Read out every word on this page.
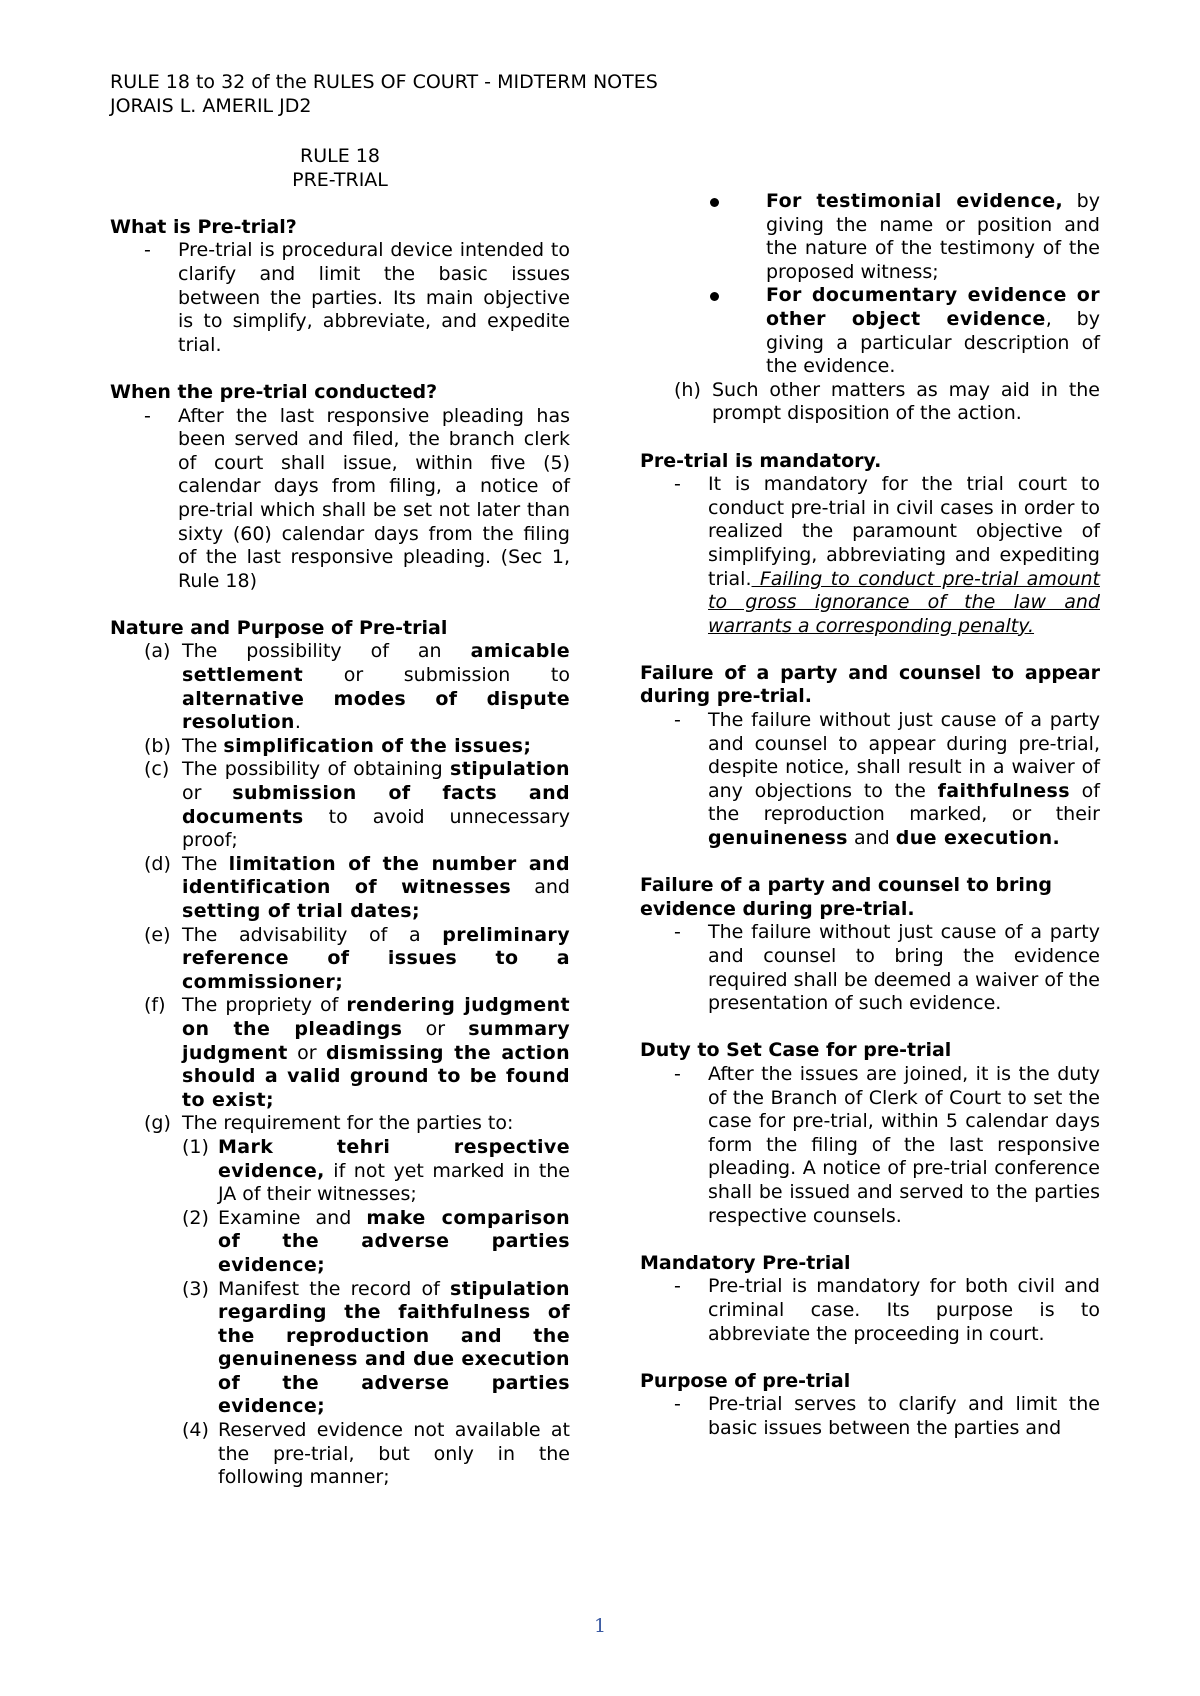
RULE 18 to 32 of the RULES OF COURT - MIDTERM NOTES
JORAIS L. AMERIL JD2
RULE 18
PRE-TRIAL
What is Pre-trial?
-	Pre-trial is procedural device intended to clarify and limit the basic issues between the parties. Its main objective is to simplify, abbreviate, and expedite trial.
When the pre-trial conducted?
-	After the last responsive pleading has been served and filed, the branch clerk of court shall issue, within five (5) calendar days from filing, a notice of pre-trial which shall be set not later than sixty (60) calendar days from the filing of the last responsive pleading. (Sec 1, Rule 18)
Nature and Purpose of Pre-trial
(a) The possibility of an amicable settlement or submission to alternative modes of dispute resolution.
(b) The simplification of the issues;
(c) The possibility of obtaining stipulation or submission of facts and documents to avoid unnecessary proof;
(d) The limitation of the number and identification of witnesses and setting of trial dates;
(e) The advisability of a preliminary reference of issues to a commissioner;
(f) The propriety of rendering judgment on the pleadings or summary judgment or dismissing the action should a valid ground to be found to exist;
(g) The requirement for the parties to:
(1) Mark tehri respective evidence, if not yet marked in the JA of their witnesses;
(2) Examine and make comparison of the adverse parties evidence;
(3) Manifest the record of stipulation regarding the faithfulness of the reproduction and the genuineness and due execution of the adverse parties evidence;
(4) Reserved evidence not available at the pre-trial, but only in the following manner;
For testimonial evidence, by giving the name or position and the nature of the testimony of the proposed witness;
For documentary evidence or other object evidence, by giving a particular description of the evidence.
(h) Such other matters as may aid in the prompt disposition of the action.
Pre-trial is mandatory.
-	It is mandatory for the trial court to conduct pre-trial in civil cases in order to realized the paramount objective of simplifying, abbreviating and expediting trial. Failing to conduct pre-trial amount to gross ignorance of the law and warrants a corresponding penalty.
Failure of a party and counsel to appear during pre-trial.
-	The failure without just cause of a party and counsel to appear during pre-trial, despite notice, shall result in a waiver of any objections to the faithfulness of the reproduction marked, or their genuineness and due execution.
Failure of a party and counsel to bring evidence during pre-trial.
-	The failure without just cause of a party and counsel to bring the evidence required shall be deemed a waiver of the presentation of such evidence.
Duty to Set Case for pre-trial
-	After the issues are joined, it is the duty of the Branch of Clerk of Court to set the case for pre-trial, within 5 calendar days form the filing of the last responsive pleading. A notice of pre-trial conference shall be issued and served to the parties respective counsels.
Mandatory Pre-trial
-	Pre-trial is mandatory for both civil and criminal case. Its purpose is to abbreviate the proceeding in court.
Purpose of pre-trial
-	Pre-trial serves to clarify and limit the basic issues between the parties and
1
